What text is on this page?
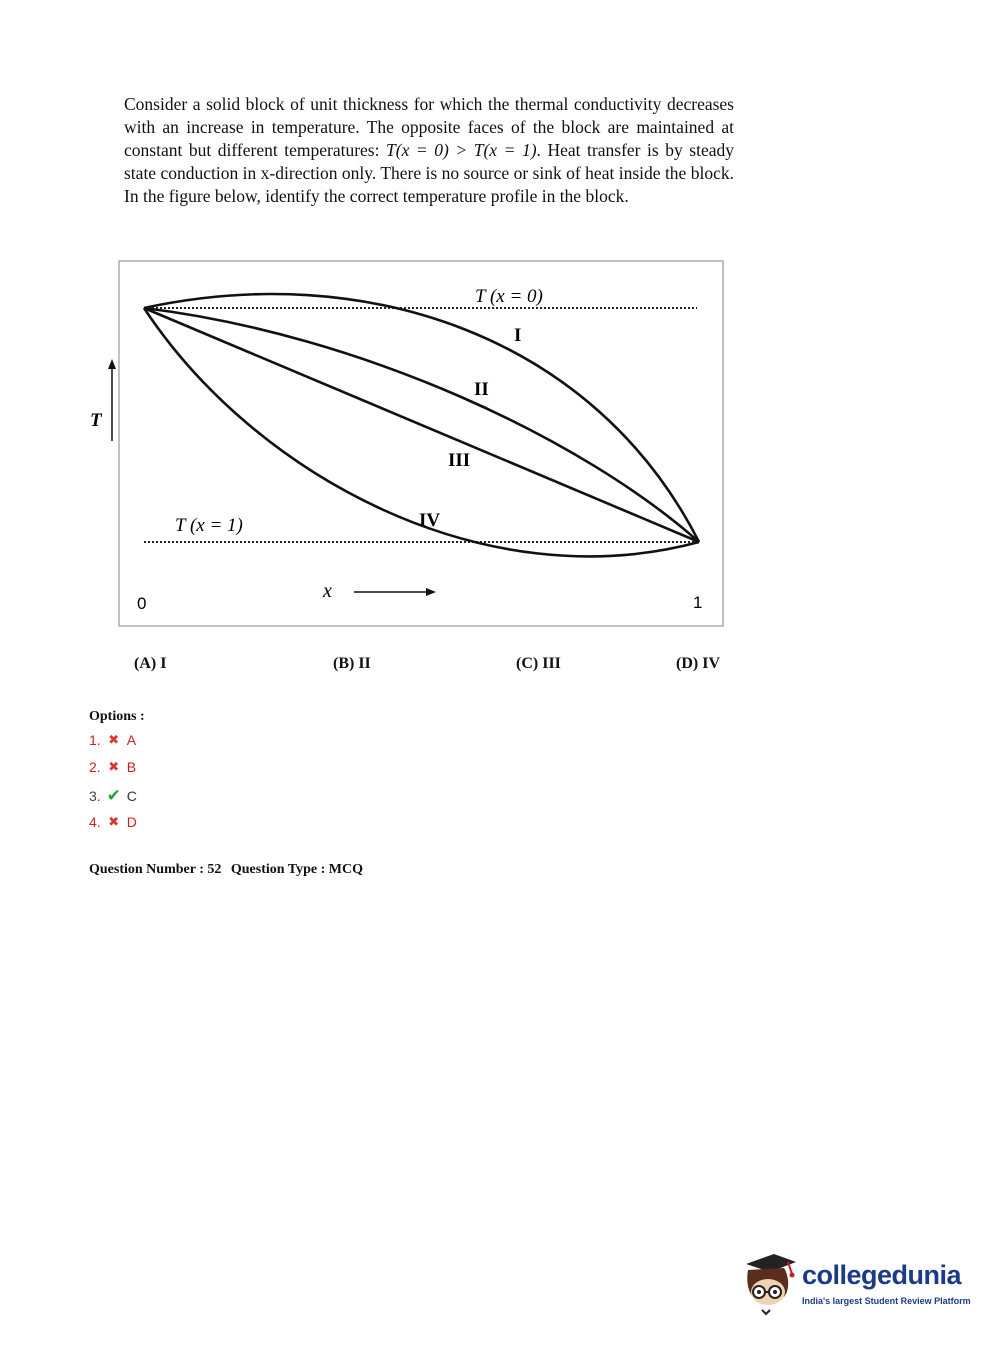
Consider a solid block of unit thickness for which the thermal conductivity decreases with an increase in temperature. The opposite faces of the block are maintained at constant but different temperatures: T(x = 0) > T(x = 1). Heat transfer is by steady state conduction in x-direction only. There is no source or sink of heat inside the block. In the figure below, identify the correct temperature profile in the block.

T
T (x = 0)
T (x = 1)
I
II
III
IV
x
0	1
(A) I	(B) II	(C) III	(D) IV
Options :
1. ✖ A
2. ✖ B
3. ✔ C
4. ✖ D
Question Number : 52 Question Type : MCQ
collegedunia
India's largest Student Review Platform
